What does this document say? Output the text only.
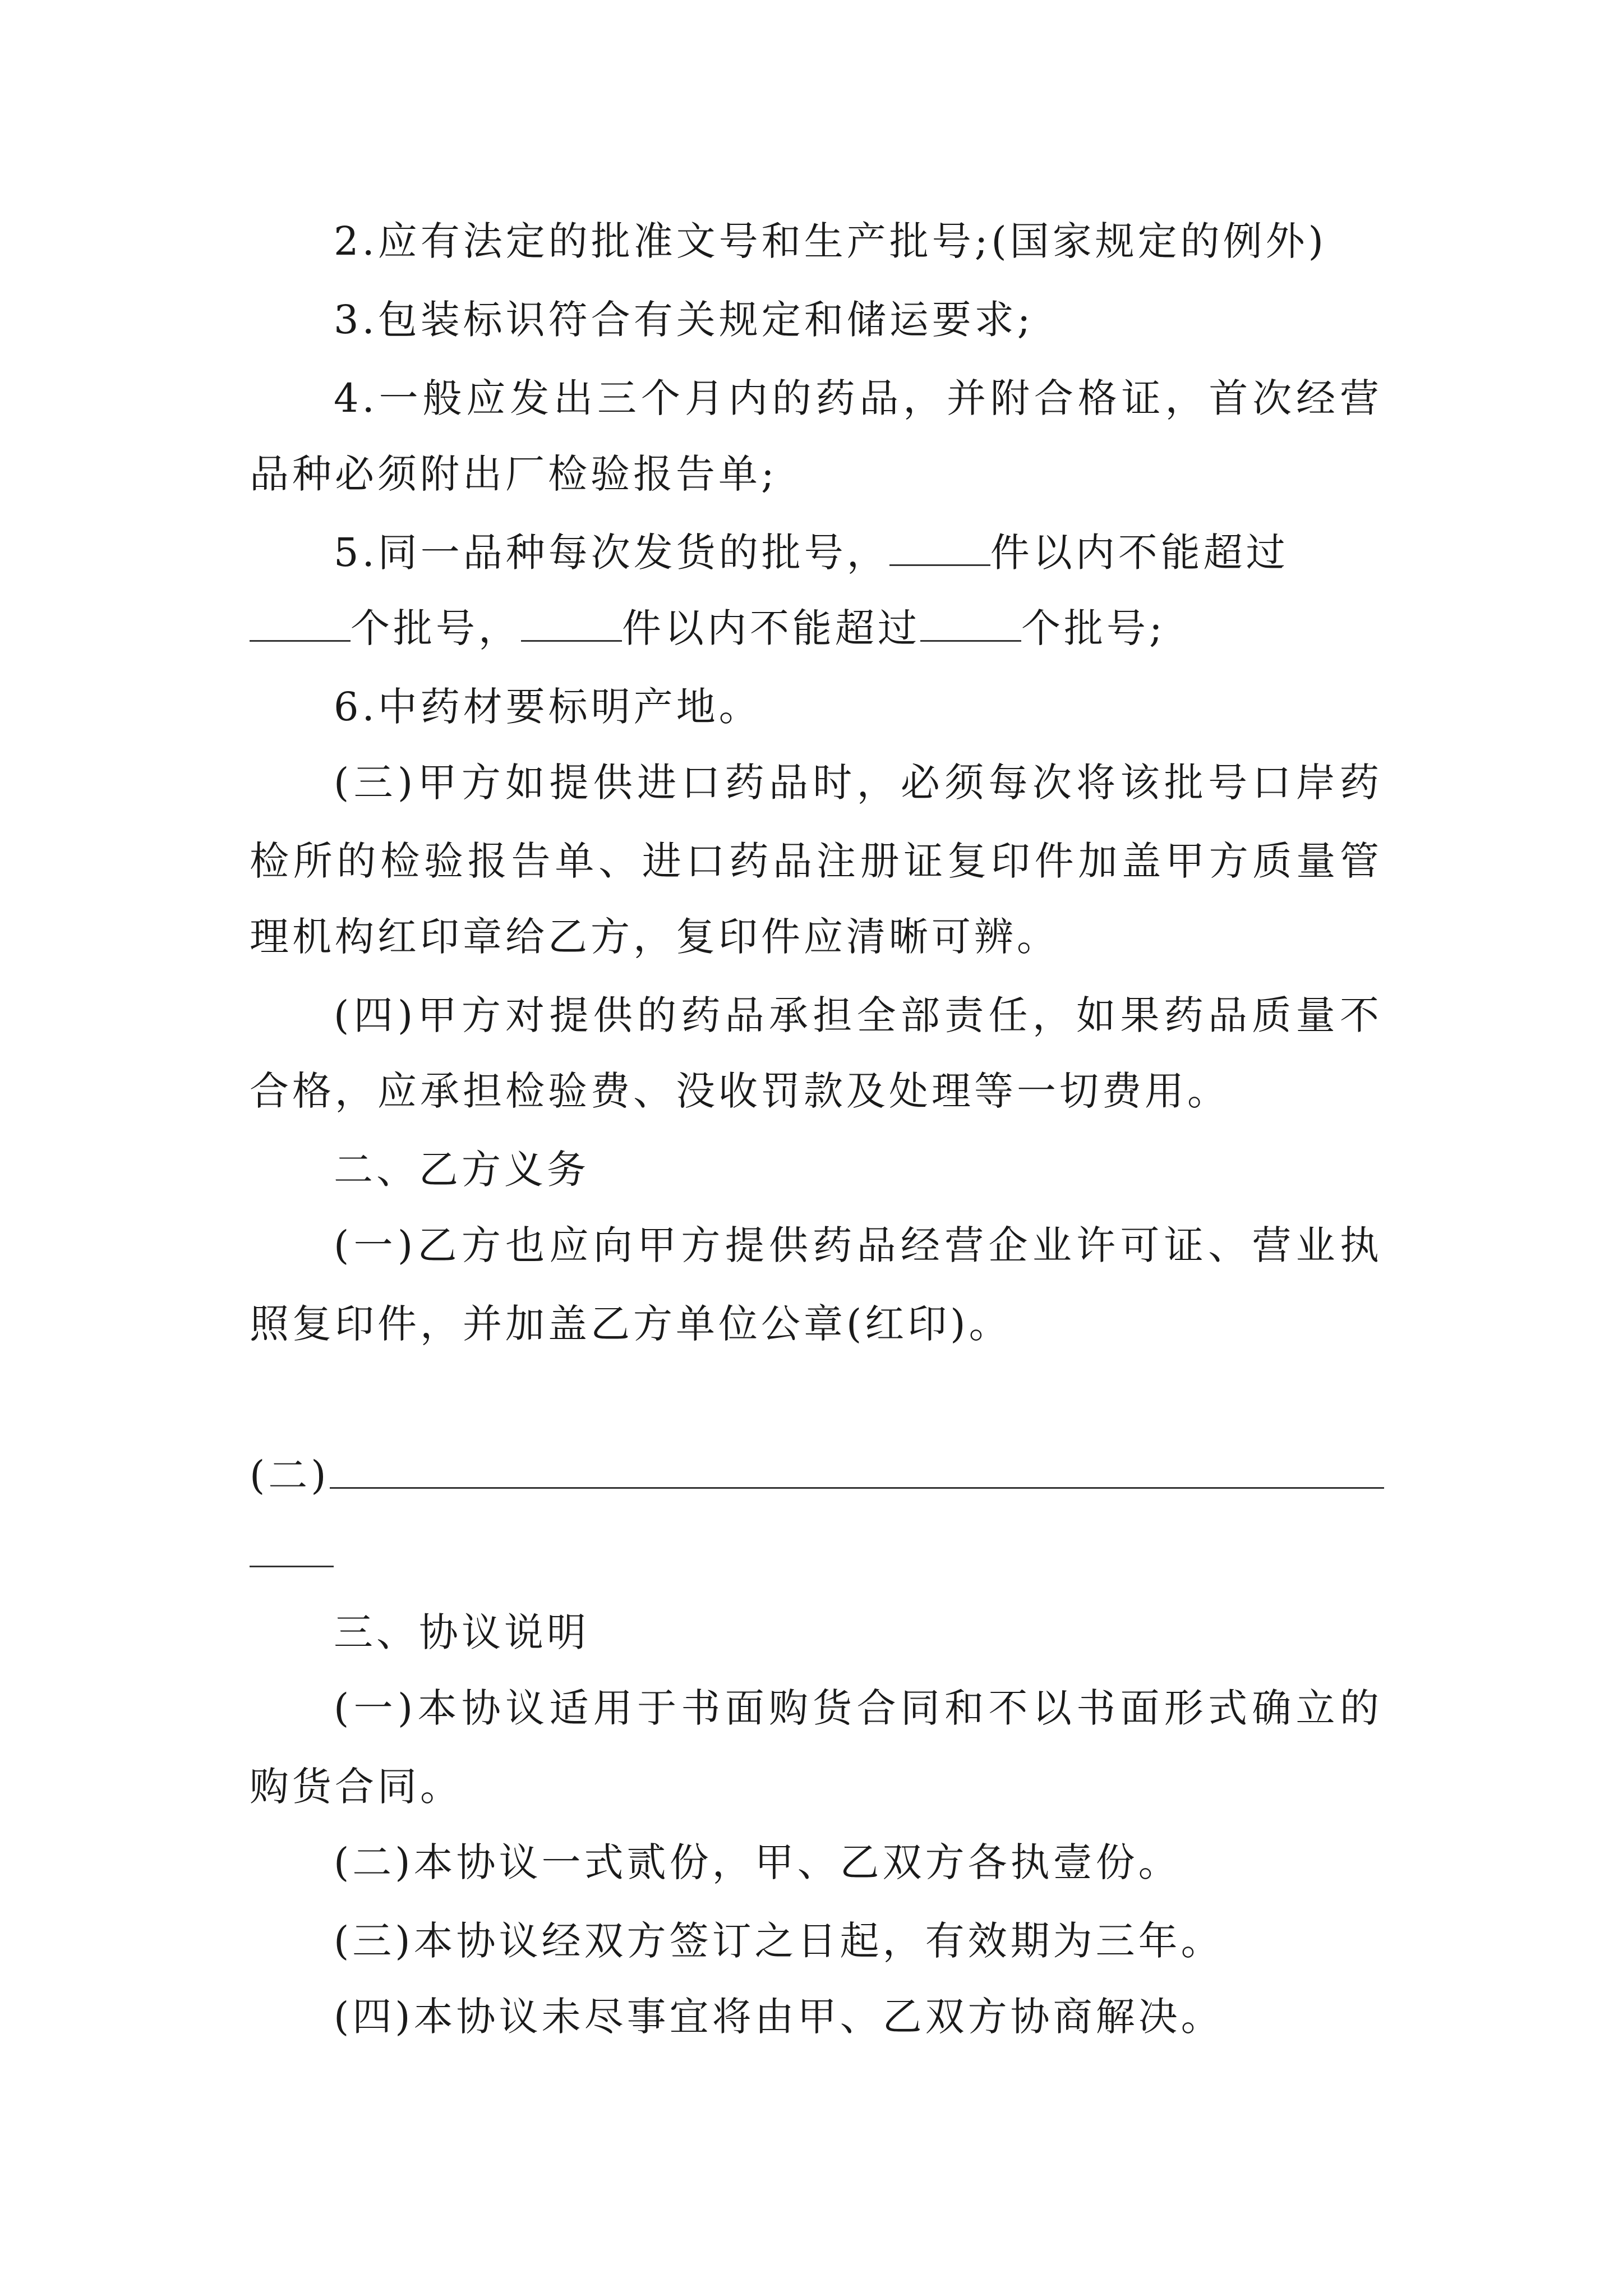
2.应有法定的批准文号和生产批号;(国家规定的例外)
3.包装标识符合有关规定和储运要求;
4.一般应发出三个月内的药品，并附合格证，首次经营
品种必须附出厂检验报告单;
5.同一品种每次发货的批号，	件以内不能超过
个批号，	件以内不能超过	个批号;
6.中药材要标明产地。
(三)甲方如提供进口药品时，必须每次将该批号口岸药
检所的检验报告单、进口药品注册证复印件加盖甲方质量管
理机构红印章给乙方，复印件应清晰可辨。
(四)甲方对提供的药品承担全部责任，如果药品质量不
合格，应承担检验费、没收罚款及处理等一切费用。
二、乙方义务
(一)乙方也应向甲方提供药品经营企业许可证、营业执
照复印件，并加盖乙方单位公章(红印)。
(二)
三、协议说明
(一)本协议适用于书面购货合同和不以书面形式确立的
购货合同。
(二)本协议一式贰份，甲、乙双方各执壹份。
(三)本协议经双方签订之日起，有效期为三年。
(四)本协议未尽事宜将由甲、乙双方协商解决。
